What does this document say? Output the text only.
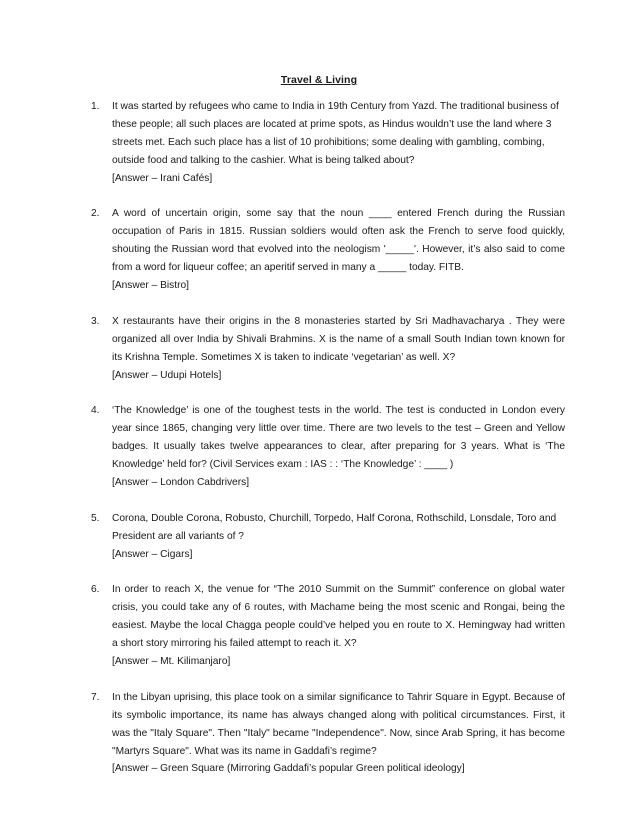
Travel & Living
1. It was started by refugees who came to India in 19th Century from Yazd. The traditional business of these people; all such places are located at prime spots, as Hindus wouldn’t use the land where 3 streets met. Each such place has a list of 10 prohibitions; some dealing with gambling, combing, outside food and talking to the cashier. What is being talked about?
[Answer – Irani Cafés]
2. A word of uncertain origin, some say that the noun ____ entered French during the Russian occupation of Paris in 1815. Russian soldiers would often ask the French to serve food quickly, shouting the Russian word that evolved into the neologism '_____'. However, it’s also said to come from a word for liqueur coffee; an aperitif served in many a _____ today. FITB.
[Answer – Bistro]
3. X restaurants have their origins in the 8 monasteries started by Sri Madhavacharya . They were organized all over India by Shivali Brahmins. X is the name of a small South Indian town known for its Krishna Temple. Sometimes X is taken to indicate ‘vegetarian’ as well. X?
[Answer – Udupi Hotels]
4. ‘The Knowledge’ is one of the toughest tests in the world. The test is conducted in London every year since 1865, changing very little over time. There are two levels to the test – Green and Yellow badges. It usually takes twelve appearances to clear, after preparing for 3 years. What is ‘The Knowledge’ held for? (Civil Services exam : IAS : : ‘The Knowledge’ : ____ )
[Answer – London Cabdrivers]
5. Corona, Double Corona, Robusto, Churchill, Torpedo, Half Corona, Rothschild, Lonsdale, Toro and President are all variants of ?
[Answer – Cigars]
6. In order to reach X, the venue for “The 2010 Summit on the Summit” conference on global water crisis, you could take any of 6 routes, with Machame being the most scenic and Rongai, being the easiest. Maybe the local Chagga people could’ve helped you en route to X. Hemingway had written a short story mirroring his failed attempt to reach it. X?
[Answer – Mt. Kilimanjaro]
7. In the Libyan uprising, this place took on a similar significance to Tahrir Square in Egypt. Because of its symbolic importance, its name has always changed along with political circumstances. First, it was the "Italy Square". Then "Italy" became "Independence". Now, since Arab Spring, it has become "Martyrs Square". What was its name in Gaddafi’s regime?
[Answer – Green Square (Mirroring Gaddafi’s popular Green political ideology]
